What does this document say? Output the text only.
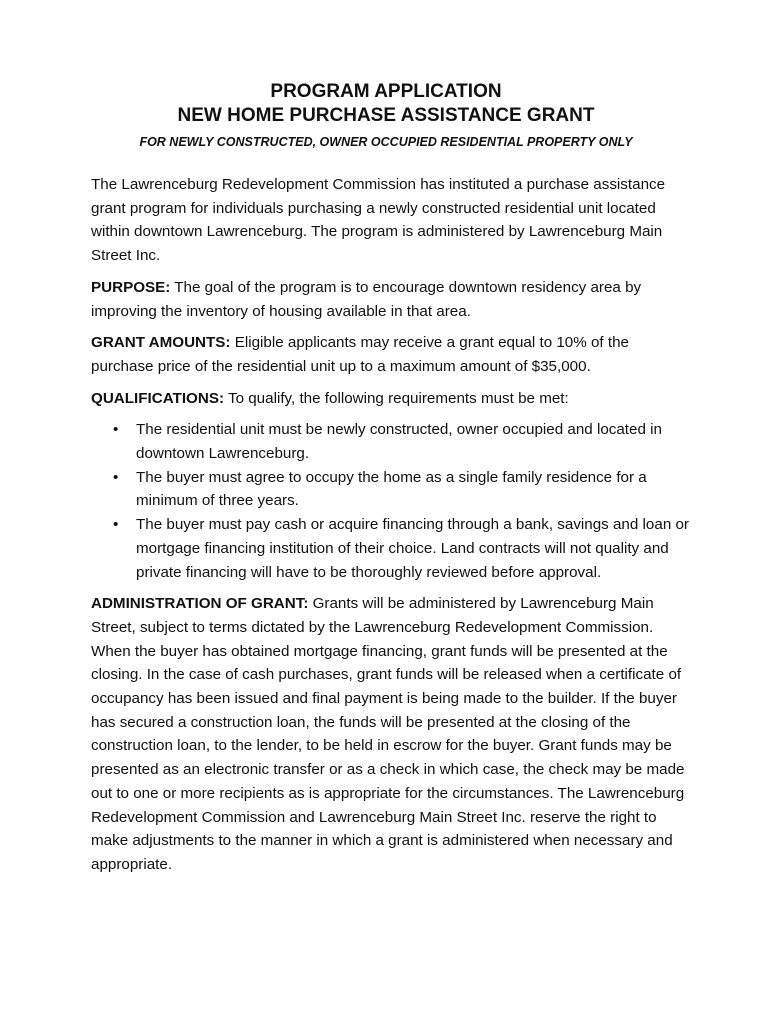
PROGRAM APPLICATION

NEW HOME PURCHASE ASSISTANCE GRANT

FOR NEWLY CONSTRUCTED, OWNER OCCUPIED RESIDENTIAL PROPERTY ONLY

The Lawrenceburg Redevelopment Commission has instituted a purchase assistance grant program for individuals purchasing a newly constructed residential unit located within downtown Lawrenceburg. The program is administered by Lawrenceburg Main Street Inc.

PURPOSE: The goal of the program is to encourage downtown residency area by improving the inventory of housing available in that area.

GRANT AMOUNTS: Eligible applicants may receive a grant equal to 10% of the purchase price of the residential unit up to a maximum amount of $35,000.

QUALIFICATIONS: To qualify, the following requirements must be met:

• The residential unit must be newly constructed, owner occupied and located in downtown Lawrenceburg.
• The buyer must agree to occupy the home as a single family residence for a minimum of three years.
• The buyer must pay cash or acquire financing through a bank, savings and loan or mortgage financing institution of their choice. Land contracts will not quality and private financing will have to be thoroughly reviewed before approval.

ADMINISTRATION OF GRANT: Grants will be administered by Lawrenceburg Main Street, subject to terms dictated by the Lawrenceburg Redevelopment Commission. When the buyer has obtained mortgage financing, grant funds will be presented at the closing. In the case of cash purchases, grant funds will be released when a certificate of occupancy has been issued and final payment is being made to the builder. If the buyer has secured a construction loan, the funds will be presented at the closing of the construction loan, to the lender, to be held in escrow for the buyer. Grant funds may be presented as an electronic transfer or as a check in which case, the check may be made out to one or more recipients as is appropriate for the circumstances. The Lawrenceburg Redevelopment Commission and Lawrenceburg Main Street Inc. reserve the right to make adjustments to the manner in which a grant is administered when necessary and appropriate.
